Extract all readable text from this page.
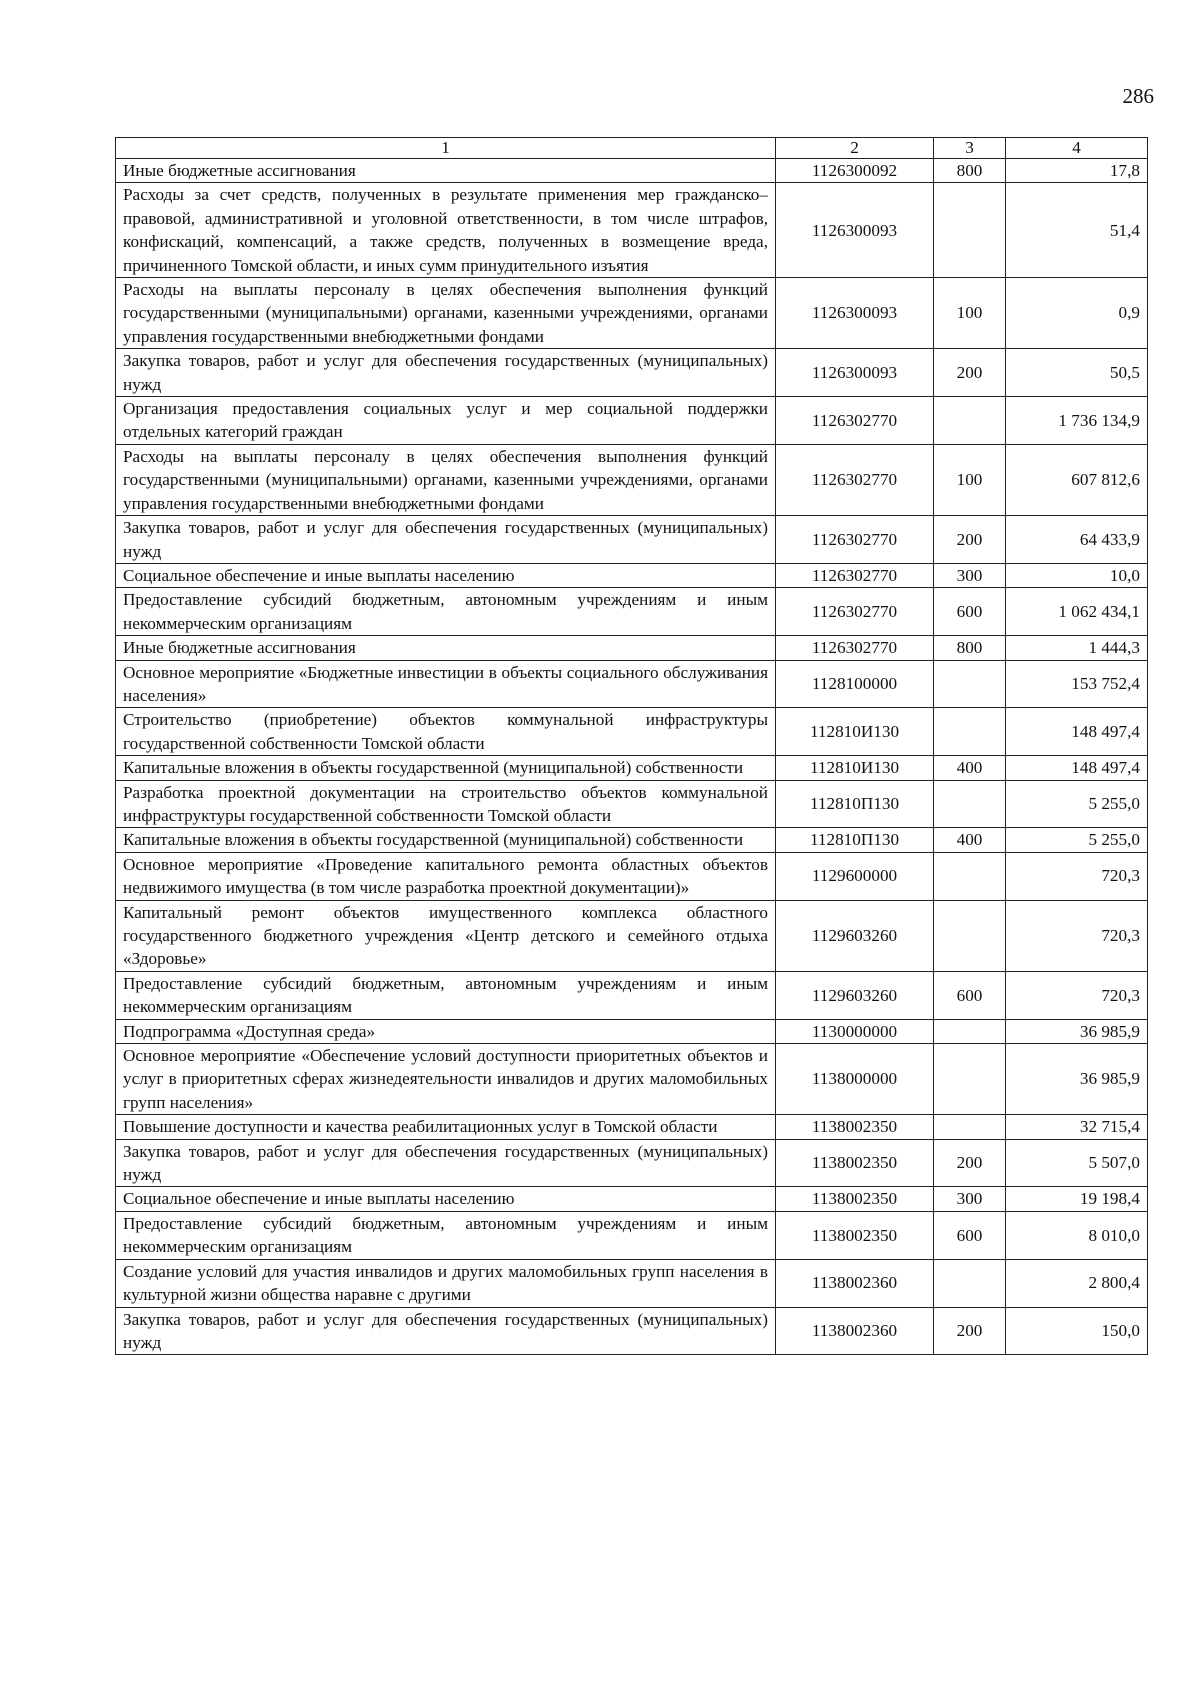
286
1	2	3	4
Иные бюджетные ассигнования	1126300092	800	17,8
Расходы за счет средств, полученных в результате применения мер гражданско–правовой, административной и уголовной ответственности, в том числе штрафов, конфискаций, компенсаций, а также средств, полученных в возмещение вреда, причиненного Томской области, и иных сумм принудительного изъятия	1126300093		51,4
Расходы на выплаты персоналу в целях обеспечения выполнения функций государственными (муниципальными) органами, казенными учреждениями, органами управления государственными внебюджетными фондами	1126300093	100	0,9
Закупка товаров, работ и услуг для обеспечения государственных (муниципальных) нужд	1126300093	200	50,5
Организация предоставления социальных услуг и мер социальной поддержки отдельных категорий граждан	1126302770		1 736 134,9
Расходы на выплаты персоналу в целях обеспечения выполнения функций государственными (муниципальными) органами, казенными учреждениями, органами управления государственными внебюджетными фондами	1126302770	100	607 812,6
Закупка товаров, работ и услуг для обеспечения государственных (муниципальных) нужд	1126302770	200	64 433,9
Социальное обеспечение и иные выплаты населению	1126302770	300	10,0
Предоставление субсидий бюджетным, автономным учреждениям и иным некоммерческим организациям	1126302770	600	1 062 434,1
Иные бюджетные ассигнования	1126302770	800	1 444,3
Основное мероприятие «Бюджетные инвестиции в объекты социального обслуживания населения»	1128100000		153 752,4
Строительство (приобретение) объектов коммунальной инфраструктуры государственной собственности Томской области	112810И130		148 497,4
Капитальные вложения в объекты государственной (муниципальной) собственности	112810И130	400	148 497,4
Разработка проектной документации на строительство объектов коммунальной инфраструктуры государственной собственности Томской области	112810П130		5 255,0
Капитальные вложения в объекты государственной (муниципальной) собственности	112810П130	400	5 255,0
Основное мероприятие «Проведение капитального ремонта областных объектов недвижимого имущества (в том числе разработка проектной документации)»	1129600000		720,3
Капитальный ремонт объектов имущественного комплекса областного государственного бюджетного учреждения «Центр детского и семейного отдыха «Здоровье»	1129603260		720,3
Предоставление субсидий бюджетным, автономным учреждениям и иным некоммерческим организациям	1129603260	600	720,3
Подпрограмма «Доступная среда»	1130000000		36 985,9
Основное мероприятие «Обеспечение условий доступности приоритетных объектов и услуг в приоритетных сферах жизнедеятельности инвалидов и других маломобильных групп населения»	1138000000		36 985,9
Повышение доступности и качества реабилитационных услуг в Томской области	1138002350		32 715,4
Закупка товаров, работ и услуг для обеспечения государственных (муниципальных) нужд	1138002350	200	5 507,0
Социальное обеспечение и иные выплаты населению	1138002350	300	19 198,4
Предоставление субсидий бюджетным, автономным учреждениям и иным некоммерческим организациям	1138002350	600	8 010,0
Создание условий для участия инвалидов и других маломобильных групп населения в культурной жизни общества наравне с другими	1138002360		2 800,4
Закупка товаров, работ и услуг для обеспечения государственных (муниципальных) нужд	1138002360	200	150,0
